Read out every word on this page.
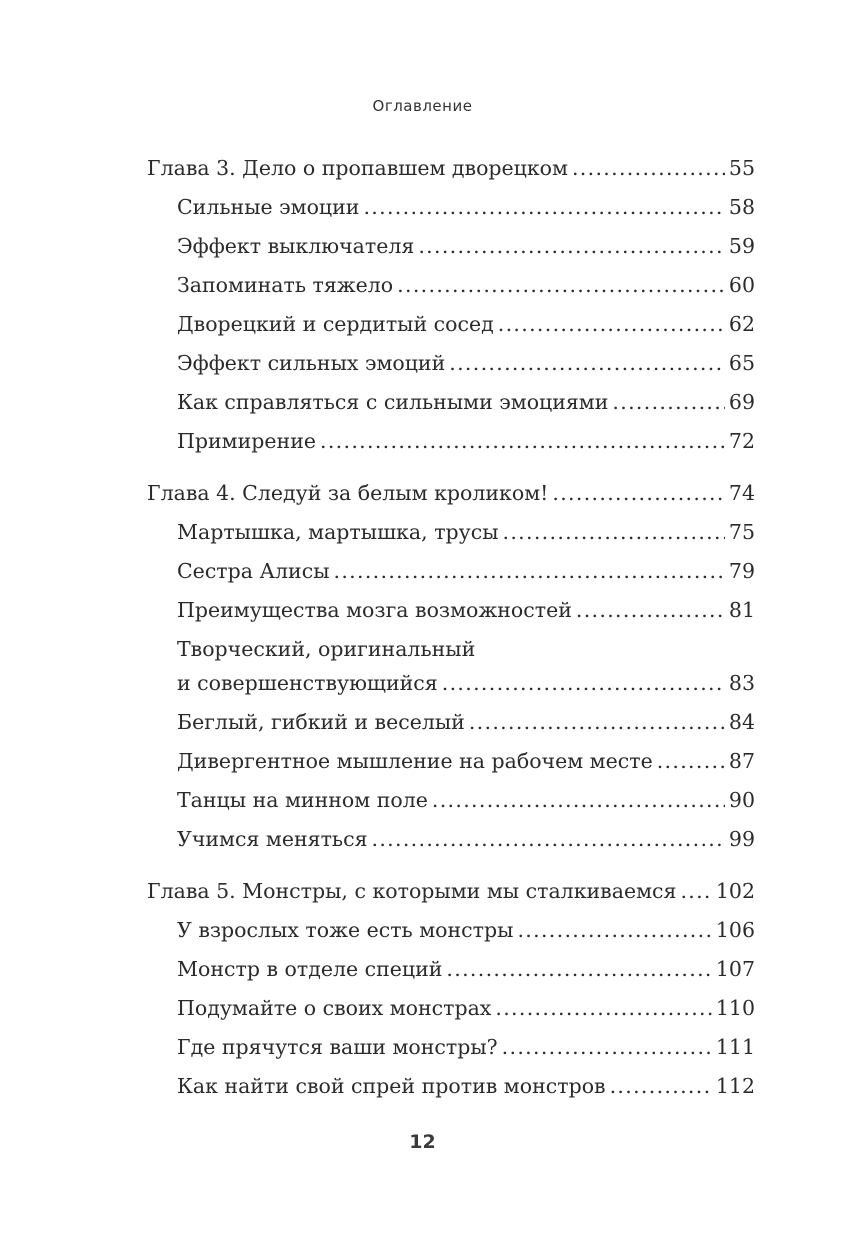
Оглавление
Глава 3. Дело о пропавшем дворецком . . .	55
Сильные эмоции . . .	58
Эффект выключателя . . .	59
Запоминать тяжело . . .	60
Дворецкий и сердитый сосед . . .	62
Эффект сильных эмоций . . .	65
Как справляться с сильными эмоциями . . .	69
Примирение . . .	72
Глава 4. Следуй за белым кроликом! . . .	74
Мартышка, мартышка, трусы . . .	75
Сестра Алисы . . .	79
Преимущества мозга возможностей . . .	81
Творческий, оригинальный
и совершенствующийся . . .	83
Беглый, гибкий и веселый . . .	84
Дивергентное мышление на рабочем месте . . .	87
Танцы на минном поле . . .	90
Учимся меняться . . .	99
Глава 5. Монстры, с которыми мы сталкиваемся . . . 102
У взрослых тоже есть монстры . . .	106
Монстр в отделе специй . . .	107
Подумайте о своих монстрах . . .	110
Где прячутся ваши монстры? . . .	111
Как найти свой спрей против монстров . . .	112
12
